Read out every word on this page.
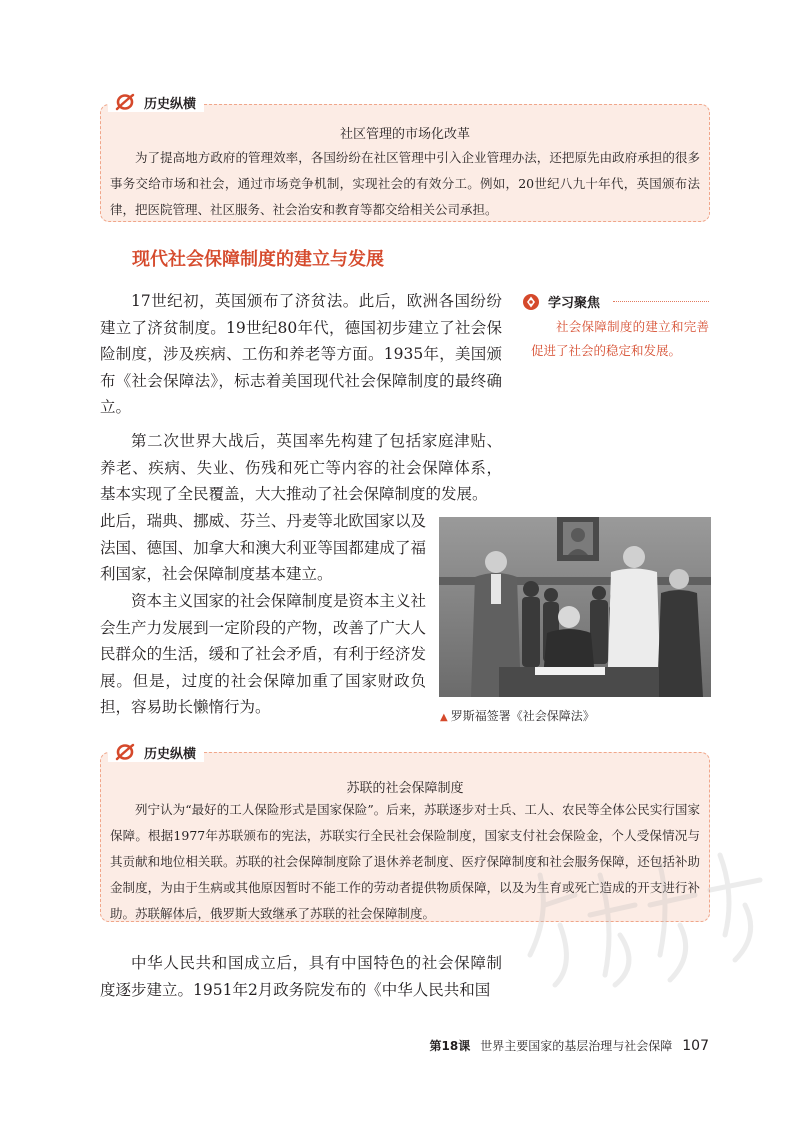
社区管理的市场化改革

为了提高地方政府的管理效率，各国纷纷在社区管理中引入企业管理办法，还把原先由政府承担的很多事务交给市场和社会，通过市场竞争机制，实现社会的有效分工。例如，20世纪八九十年代，英国颁布法律，把医院管理、社区服务、社会治安和教育等都交给相关公司承担。

历史纵横
现代社会保障制度的建立与发展

17世纪初，英国颁布了济贫法。此后，欧洲各国纷纷建立了济贫制度。19世纪80年代，德国初步建立了社会保险制度，涉及疾病、工伤和养老等方面。1935年，美国颁布《社会保障法》，标志着美国现代社会保障制度的最终确立。

第二次世界大战后，英国率先构建了包括家庭津贴、养老、疾病、失业、伤残和死亡等内容的社会保障体系，基本实现了全民覆盖，大大推动了社会保障制度的发展。

此后，瑞典、挪威、芬兰、丹麦等北欧国家以及法国、德国、加拿大和澳大利亚等国都建成了福利国家，社会保障制度基本建立。

资本主义国家的社会保障制度是资本主义社会生产力发展到一定阶段的产物，改善了广大人民群众的生活，缓和了社会矛盾，有利于经济发展。但是，过度的社会保障加重了国家财政负担，容易助长懒惰行为。

中华人民共和国成立后，具有中国特色的社会保障制度逐步建立。1951年2月政务院发布的《中华人民共和国

学习聚焦

社会保障制度的建立和完善促进了社会的稳定和发展。

▲ 罗斯福签署《社会保障法》
苏联的社会保障制度

列宁认为“最好的工人保险形式是国家保险”。后来，苏联逐步对士兵、工人、农民等全体公民实行国家保障。根据1977年苏联颁布的宪法，苏联实行全民社会保险制度，国家支付社会保险金，个人受保情况与其贡献和地位相关联。苏联的社会保障制度除了退休养老制度、医疗保障制度和社会服务保障，还包括补助金制度，为由于生病或其他原因暂时不能工作的劳动者提供物质保障，以及为生育或死亡造成的开支进行补助。苏联解体后，俄罗斯大致继承了苏联的社会保障制度。

历史纵横
第18课 世界主要国家的基层治理与社会保障 107
